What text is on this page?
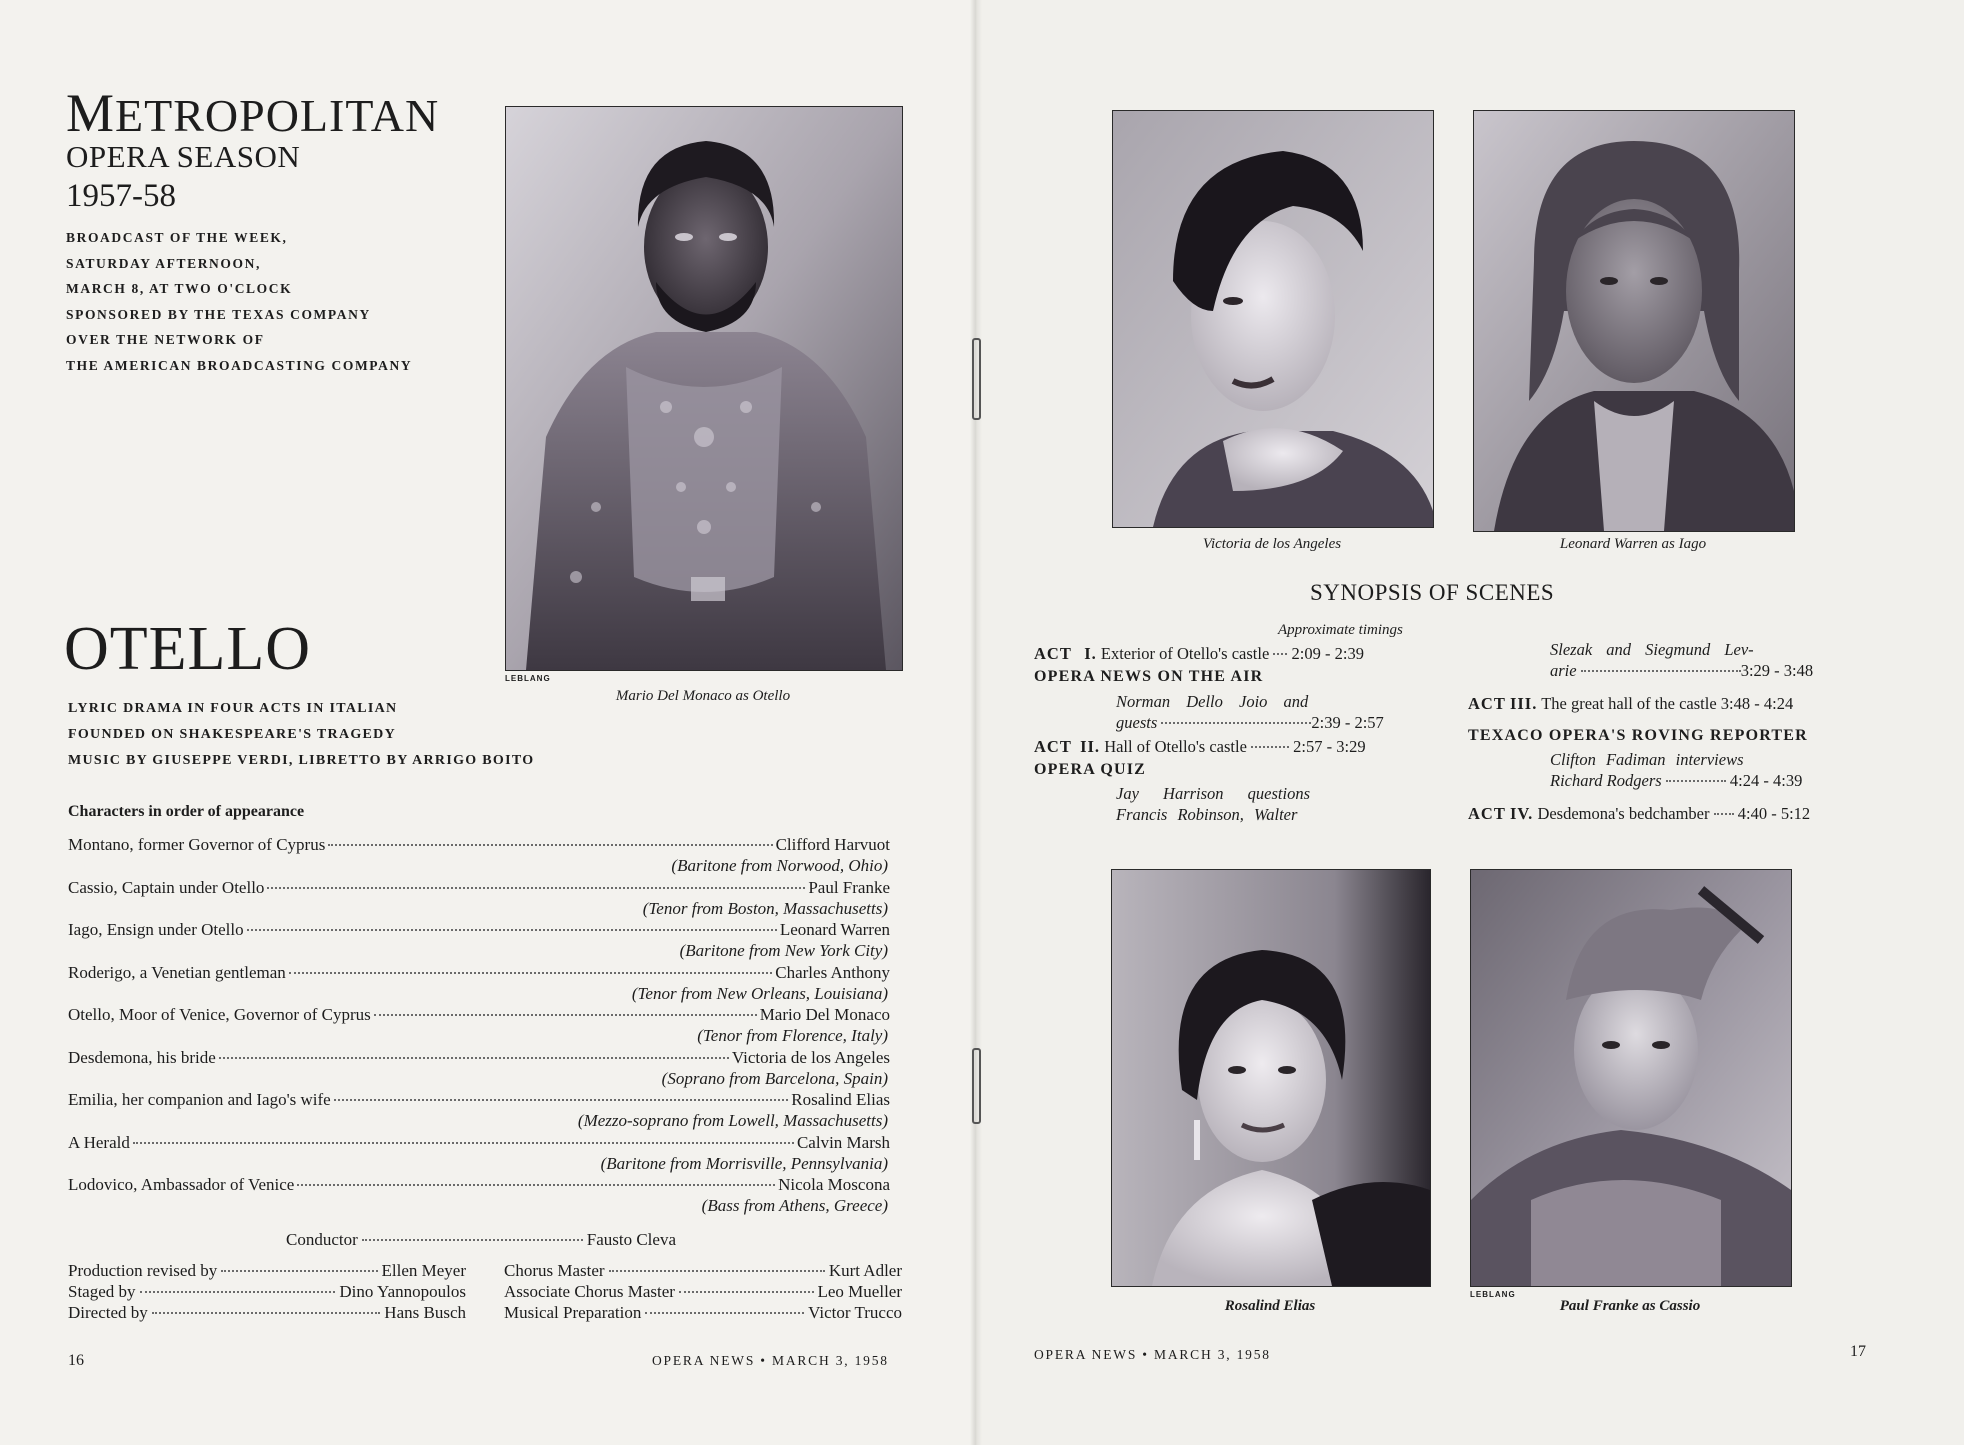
METROPOLITAN
OPERA SEASON
1957-58
BROADCAST OF THE WEEK,
SATURDAY AFTERNOON,
MARCH 8, AT TWO O'CLOCK
SPONSORED BY THE TEXAS COMPANY
OVER THE NETWORK OF
THE AMERICAN BROADCASTING COMPANY
LEBLANG
Mario Del Monaco as Otello
OTELLO
LYRIC DRAMA IN FOUR ACTS IN ITALIAN
FOUNDED ON SHAKESPEARE'S TRAGEDY
MUSIC BY GIUSEPPE VERDI, LIBRETTO BY ARRIGO BOITO
Characters in order of appearance
Montano, former Governor of Cyprus	Clifford Harvuot
(Baritone from Norwood, Ohio)
Cassio, Captain under Otello	Paul Franke
(Tenor from Boston, Massachusetts)
Iago, Ensign under Otello	Leonard Warren
(Baritone from New York City)
Roderigo, a Venetian gentleman	Charles Anthony
(Tenor from New Orleans, Louisiana)
Otello, Moor of Venice, Governor of Cyprus	Mario Del Monaco
(Tenor from Florence, Italy)
Desdemona, his bride	Victoria de los Angeles
(Soprano from Barcelona, Spain)
Emilia, her companion and Iago's wife	Rosalind Elias
(Mezzo-soprano from Lowell, Massachusetts)
A Herald	Calvin Marsh
(Baritone from Morrisville, Pennsylvania)
Lodovico, Ambassador of Venice	Nicola Moscona
(Bass from Athens, Greece)
Conductor	Fausto Cleva
Production revised by	Ellen Meyer
Staged by	Dino Yannopoulos
Directed by	Hans Busch
Chorus Master	Kurt Adler
Associate Chorus Master	Leo Mueller
Musical Preparation	Victor Trucco
16	OPERA NEWS • MARCH 3, 1958
Victoria de los Angeles	Leonard Warren as Iago
SYNOPSIS OF SCENES
Approximate timings
ACT I. Exterior of Otello's castle 2:09 - 2:39
OPERA NEWS ON THE AIR
Norman Dello Joio and
guests	2:39 - 2:57
ACT II. Hall of Otello's castle	2:57 - 3:29
OPERA QUIZ
Jay Harrison questions
Francis Robinson, Walter
Slezak and Siegmund Lev-
arie	3:29 - 3:48
ACT III. The great hall of the castle 3:48 - 4:24
TEXACO OPERA'S ROVING REPORTER
Clifton Fadiman interviews
Richard Rodgers	4:24 - 4:39
ACT IV. Desdemona's bedchamber 4:40 - 5:12
Rosalind Elias
LEBLANG
Paul Franke as Cassio
OPERA NEWS • MARCH 3, 1958	17
